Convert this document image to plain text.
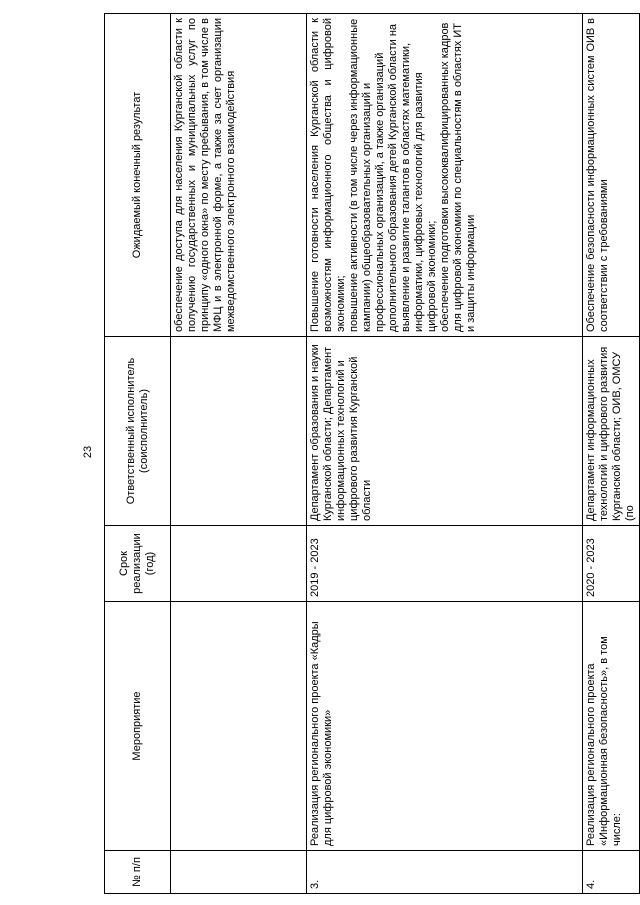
23
№ п/п	Мероприятие	Срок реализации (год)	Ответственный исполнитель (соисполнитель)	Ожидаемый конечный результат
				обеспечение доступа для населения Курганской области к получению государственных и муниципальных услуг по принципу «одного окна» по месту пребывания, в том числе в МФЦ и в электронной форме, а также за счет организации межведомственного электронного взаимодействия
3.	Реализация регионального проекта «Кадры для цифровой экономики»	2019 - 2023	Департамент образования и науки Курганской области; Департамент информационных технологий и цифрового развития Курганской области	Повышение готовности населения Курганской области к возможностям информационного общества и цифровой экономики; повышение активности (в том числе через информационные кампании) общеобразовательных организаций и профессиональных организаций, а также организаций дополнительного образования детей Курганской области на выявление и развитие талантов в областях математики, информатики, цифровых технологий для развития цифровой экономики; обеспечение подготовки высококвалифицированных кадров для цифровой экономики по специальностям в областях ИТ и защиты информации

4.	Реализация регионального проекта «Информационная безопасность», в том числе:	2020 - 2023	Департамент информационных технологий и цифрового развития Курганской области; ОИВ, ОМСУ (по	Обеспечение безопасности информационных систем ОИВ в соответствии с требованиями
